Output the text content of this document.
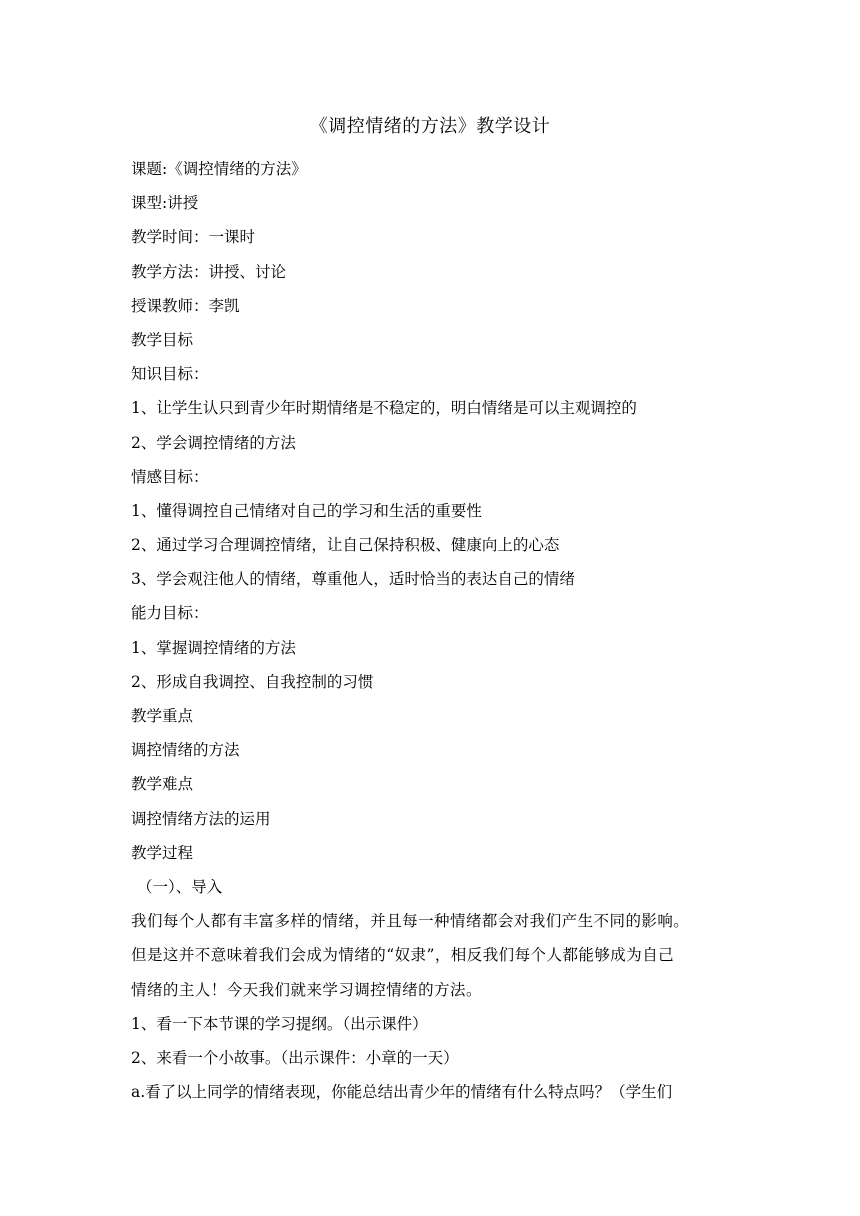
《调控情绪的方法》教学设计
课题:《调控情绪的方法》
课型:讲授
教学时间：一课时
教学方法：讲授、讨论
授课教师：李凯
教学目标
知识目标：
1、让学生认只到青少年时期情绪是不稳定的，明白情绪是可以主观调控的
2、学会调控情绪的方法
情感目标：
1、懂得调控自己情绪对自己的学习和生活的重要性
2、通过学习合理调控情绪，让自己保持积极、健康向上的心态
3、学会观注他人的情绪，尊重他人，适时恰当的表达自己的情绪
能力目标：
1、掌握调控情绪的方法
2、形成自我调控、自我控制的习惯
教学重点
调控情绪的方法
教学难点
调控情绪方法的运用
教学过程
（一）、导入
我们每个人都有丰富多样的情绪，并且每一种情绪都会对我们产生不同的影响。
但是这并不意味着我们会成为情绪的“奴隶”，相反我们每个人都能够成为自己
情绪的主人！今天我们就来学习调控情绪的方法。
1、看一下本节课的学习提纲。（出示课件）
2、来看一个小故事。（出示课件：小章的一天）
a.看了以上同学的情绪表现，你能总结出青少年的情绪有什么特点吗？（学生们
